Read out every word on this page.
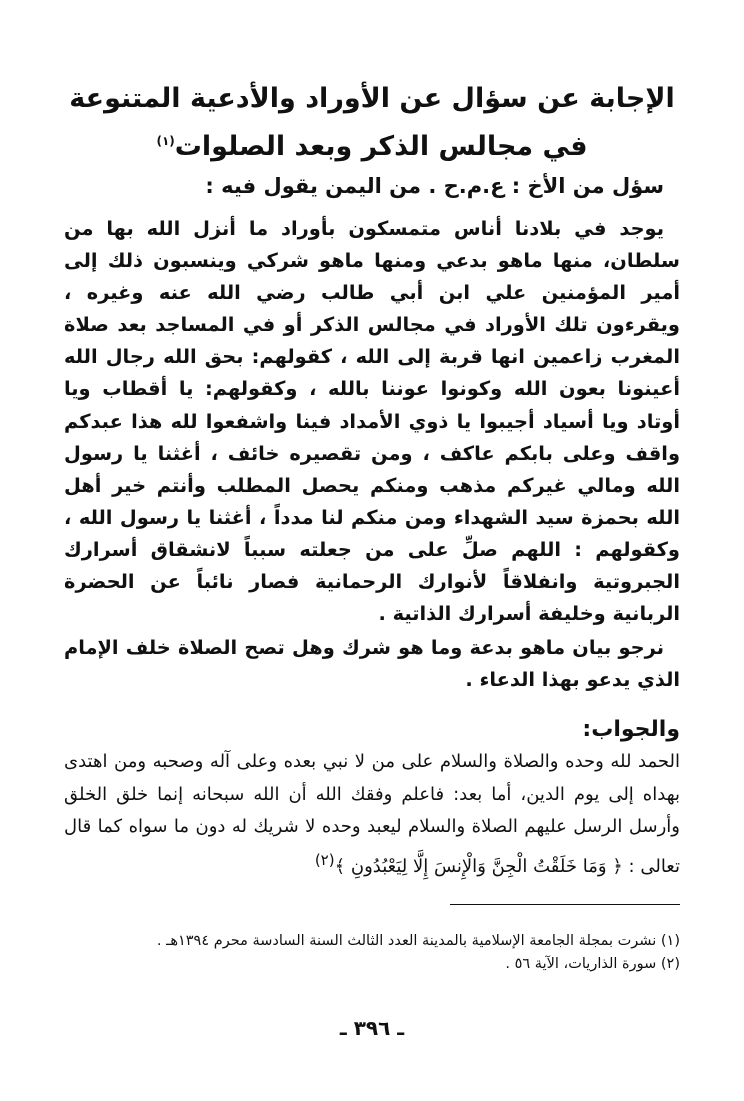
الإجابة عن سؤال عن الأوراد والأدعية المتنوعة
في مجالس الذكر وبعد الصلوات$^{(١)}$
سؤل من الأخ : ع.م.ح . من اليمن يقول فيه :

يوجد في بلادنا أناس متمسكون بأوراد ما أنزل الله بها من سلطان، منها ماهو بدعي ومنها ماهو شركي وينسبون ذلك إلى أمير المؤمنين علي ابن أبي طالب رضي الله عنه وغيره ، ويقرءون تلك الأوراد في مجالس الذكر أو في المساجد بعد صلاة المغرب زاعمين انها قربة إلى الله ، كقولهم: بحق الله رجال الله أعينونا بعون الله وكونوا عوننا بالله ، وكقولهم: يا أقطاب ويا أوتاد ويا أسياد أجيبوا يا ذوي الأمداد فينا واشفعوا لله هذا عبدكم واقف وعلى بابكم عاكف ، ومن تقصيره خائف ، أغثنا يا رسول الله ومالي غيركم مذهب ومنكم يحصل المطلب وأنتم خير أهل الله بحمزة سيد الشهداء ومن منكم لنا مدداً ، أغثنا يا رسول الله ، وكقولهم : اللهم صلِّ على من جعلته سبباً لانشقاق أسرارك الجبروتية وانفلاقاً لأنوارك الرحمانية فصار نائباً عن الحضرة الربانية وخليفة أسرارك الذاتية .

نرجو بيان ماهو بدعة وما هو شرك وهل تصح الصلاة خلف الإمام الذي يدعو بهذا الدعاء .

والجواب:

الحمد لله وحده والصلاة والسلام على من لا نبي بعده وعلى آله وصحبه ومن اهتدى بهداه إلى يوم الدين، أما بعد: فاعلم وفقك الله أن الله سبحانه إنما خلق الخلق وأرسل الرسل عليهم الصلاة والسلام ليعبد وحده لا شريك له دون ما سواه كما قال تعالى : ﴿ وَمَا خَلَقْتُ الْجِنَّ وَالْإِنسَ إِلَّا لِيَعْبُدُونِ ﴾$^{(٢)}$

(١) نشرت بمجلة الجامعة الإسلامية بالمدينة العدد الثالث السنة السادسة محرم ١٣٩٤هـ .
(٢) سورة الذاريات، الآية ٥٦ .
ـ ٣٩٦ ـ
